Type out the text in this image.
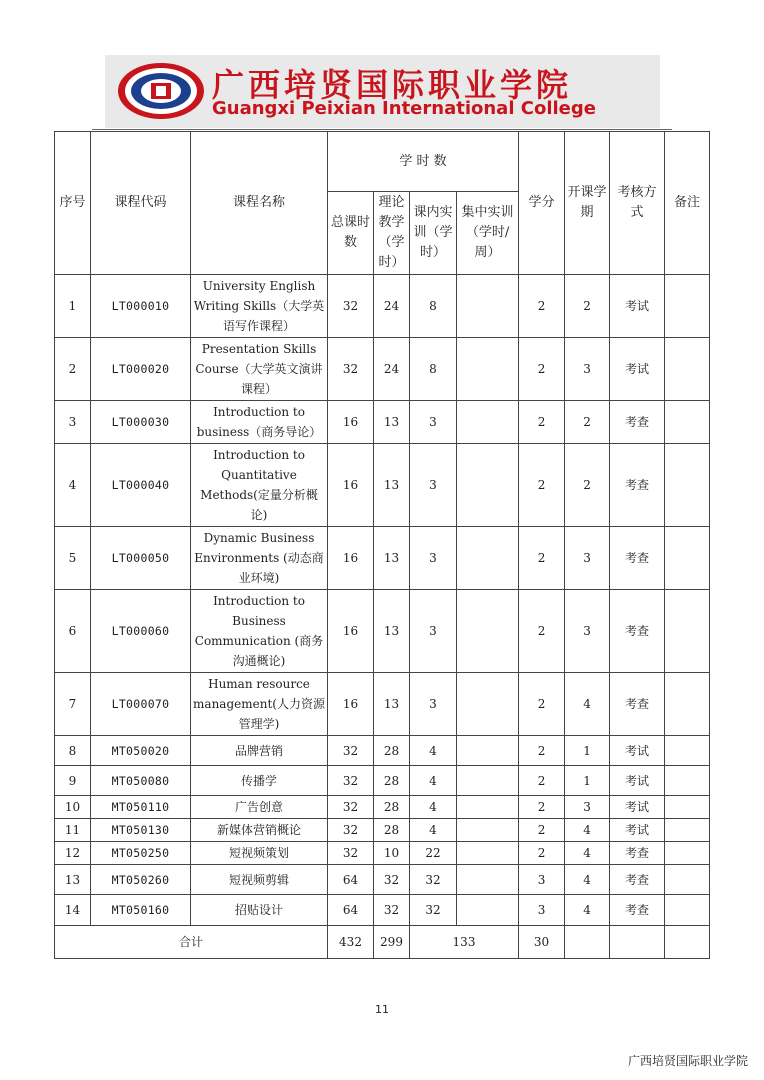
广西培贤国际职业学院
Guangxi Peixian International College
序号	课程代码	课程名称	学 时 数				学分	开课学期	考核方式	备注
			总课时数	理论教学（学时）	课内实训（学时）	集中实训（学时/周）				
1	LT000010	University English Writing Skills（大学英语写作课程）	32	24	8		2	2	考试	
2	LT000020	Presentation Skills Course（大学英文演讲课程）	32	24	8		2	3	考试	
3	LT000030	Introduction to business（商务导论）	16	13	3		2	2	考查	
4	LT000040	Introduction to Quantitative Methods(定量分析概论)	16	13	3		2	2	考查	
5	LT000050	Dynamic Business Environments (动态商业环境)	16	13	3		2	3	考查	
6	LT000060	Introduction to Business Communication (商务沟通概论)	16	13	3		2	3	考查	
7	LT000070	Human resource management(人力资源管理学)	16	13	3		2	4	考查	
8	MT050020	品牌营销	32	28	4		2	1	考试	
9	MT050080	传播学	32	28	4		2	1	考试	
10	MT050110	广告创意	32	28	4		2	3	考试	
11	MT050130	新媒体营销概论	32	28	4		2	4	考试	
12	MT050250	短视频策划	32	10	22		2	4	考查	
13	MT050260	短视频剪辑	64	32	32		3	4	考查	
14	MT050160	招贴设计	64	32	32		3	4	考查	
合计			432	299	133		30			
11
广西培贤国际职业学院
